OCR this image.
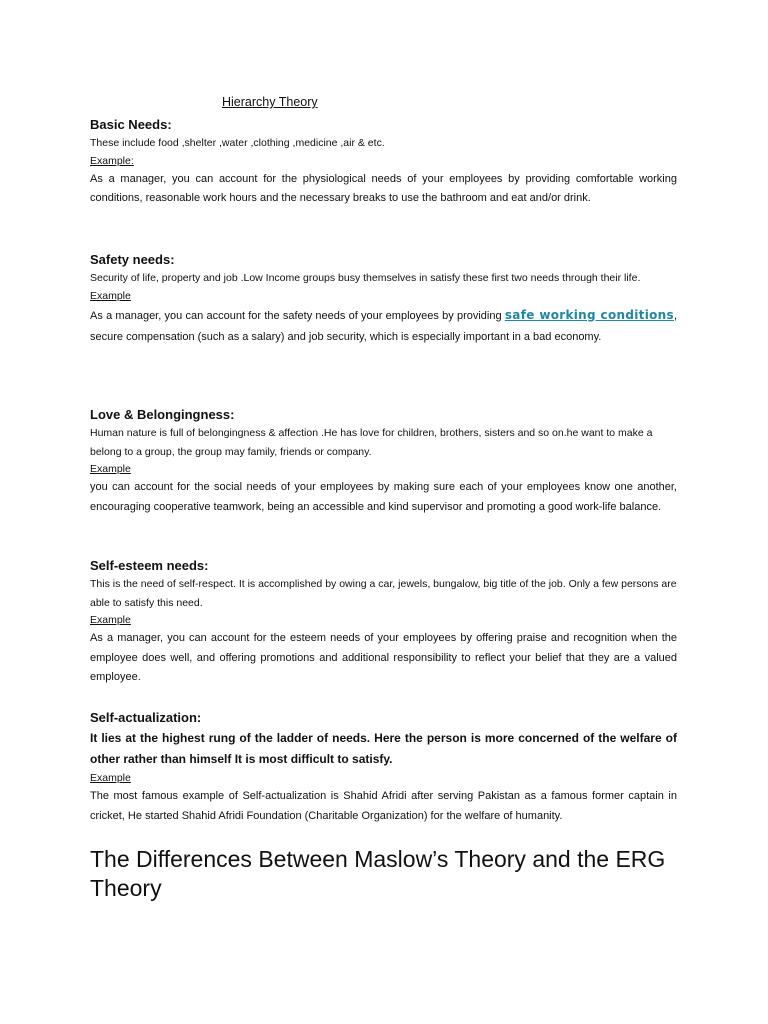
Hierarchy Theory
Basic Needs:

These include food ,shelter ,water ,clothing ,medicine ,air & etc.

Example:

As a manager, you can account for the physiological needs of your employees by providing comfortable working conditions, reasonable work hours and the necessary breaks to use the bathroom and eat and/or drink.

Safety needs:

Security of life, property and job .Low Income groups busy themselves in satisfy these first two needs through their life.

Example

As a manager, you can account for the safety needs of your employees by providing safe working conditions, secure compensation (such as a salary) and job security, which is especially important in a bad economy.

Love & Belongingness:

Human nature is full of belongingness & affection .He has love for children, brothers, sisters and so on.he want to make a belong to a group, the group may family, friends or company.

Example

you can account for the social needs of your employees by making sure each of your employees know one another, encouraging cooperative teamwork, being an accessible and kind supervisor and promoting a good work-life balance.

Self-esteem needs:

This is the need of self-respect. It is accomplished by owing a car, jewels, bungalow, big title of the job. Only a few persons are able to satisfy this need.

Example

As a manager, you can account for the esteem needs of your employees by offering praise and recognition when the employee does well, and offering promotions and additional responsibility to reflect your belief that they are a valued employee.

Self-actualization:

It lies at the highest rung of the ladder of needs. Here the person is more concerned of the welfare of other rather than himself It is most difficult to satisfy.

Example

The most famous example of Self-actualization is Shahid Afridi after serving Pakistan as a famous former captain in cricket, He started Shahid Afridi Foundation (Charitable Organization) for the welfare of humanity.

The Differences Between Maslow’s Theory and the ERG Theory
